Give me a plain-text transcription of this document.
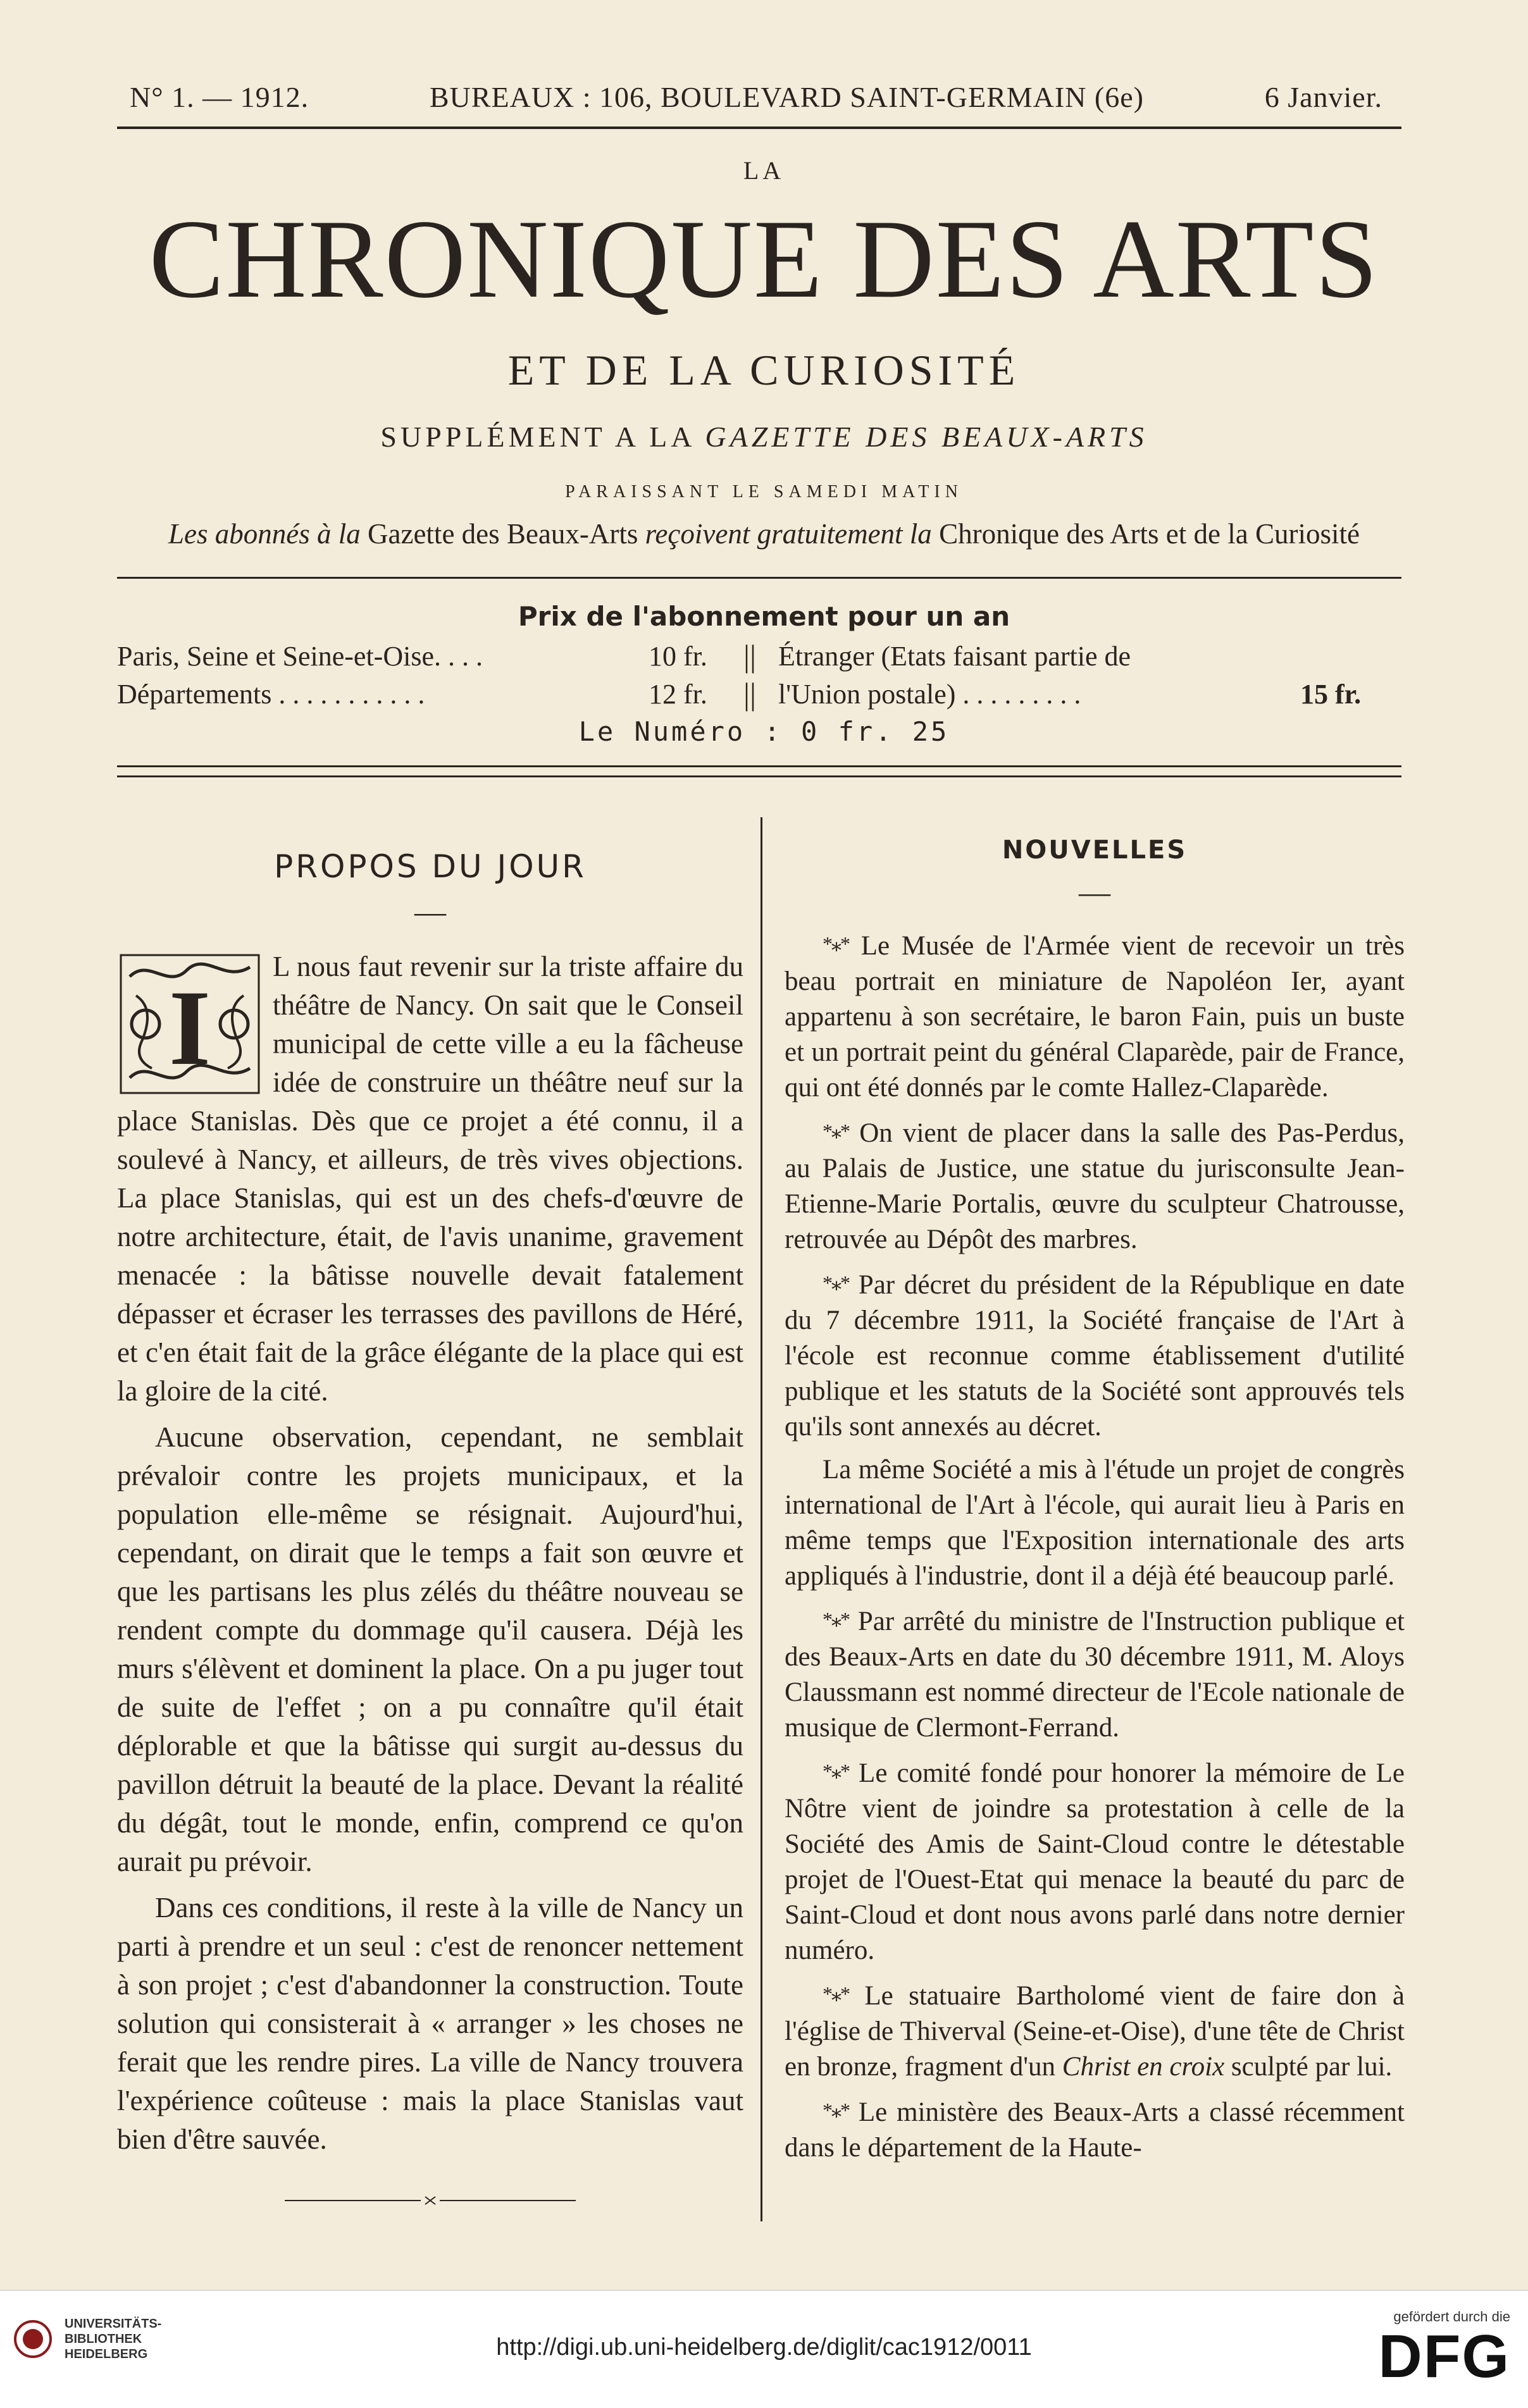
N° 1. — 1912.	BUREAUX : 106, BOULEVARD SAINT-GERMAIN (6e)	6 Janvier.
LA
CHRONIQUE DES ARTS
ET DE LA CURIOSITÉ
SUPPLÉMENT A LA GAZETTE DES BEAUX-ARTS
PARAISSANT LE SAMEDI MATIN
Les abonnés à la Gazette des Beaux-Arts reçoivent gratuitement la Chronique des Arts et de la Curiosité
Prix de l'abonnement pour un an
Paris, Seine et Seine-et-Oise. . . .	10 fr. || Étranger (Etats faisant partie de
Départements . . . . . . . . . . .	12 fr. || l'Union postale) . . . . . . . . .	15 fr.
Le Numéro : 0 fr. 25
PROPOS DU JOUR
—
I

L nous faut revenir sur la triste affaire du théâtre de Nancy. On sait que le Conseil municipal de cette ville a eu la fâcheuse idée de construire un théâtre neuf sur la place Stanislas. Dès que ce projet a été connu, il a soulevé à Nancy, et ailleurs, de très vives objections. La place Stanislas, qui est un des chefs-d'œuvre de notre architecture, était, de l'avis unanime, gravement menacée : la bâtisse nouvelle devait fatalement dépasser et écraser les terrasses des pavillons de Héré, et c'en était fait de la grâce élégante de la place qui est la gloire de la cité.

Aucune observation, cependant, ne semblait prévaloir contre les projets municipaux, et la population elle-même se résignait. Aujourd'hui, cependant, on dirait que le temps a fait son œuvre et que les partisans les plus zélés du théâtre nouveau se rendent compte du dommage qu'il causera. Déjà les murs s'élèvent et dominent la place. On a pu juger tout de suite de l'effet ; on a pu connaître qu'il était déplorable et que la bâtisse qui surgit au-dessus du pavillon détruit la beauté de la place. Devant la réalité du dégât, tout le monde, enfin, comprend ce qu'on aurait pu prévoir.

Dans ces conditions, il reste à la ville de Nancy un parti à prendre et un seul : c'est de renoncer nettement à son projet ; c'est d'abandonner la construction. Toute solution qui consisterait à « arranger » les choses ne ferait que les rendre pires. La ville de Nancy trouvera l'expérience coûteuse : mais la place Stanislas vaut bien d'être sauvée.

NOUVELLES
—

*⁎* Le Musée de l'Armée vient de recevoir un très beau portrait en miniature de Napoléon Ier, ayant appartenu à son secrétaire, le baron Fain, puis un buste et un portrait peint du général Claparède, pair de France, qui ont été donnés par le comte Hallez-Claparède.

*⁎* On vient de placer dans la salle des Pas-Perdus, au Palais de Justice, une statue du jurisconsulte Jean-Etienne-Marie Portalis, œuvre du sculpteur Chatrousse, retrouvée au Dépôt des marbres.

*⁎* Par décret du président de la République en date du 7 décembre 1911, la Société française de l'Art à l'école est reconnue comme établissement d'utilité publique et les statuts de la Société sont approuvés tels qu'ils sont annexés au décret.

La même Société a mis à l'étude un projet de congrès international de l'Art à l'école, qui aurait lieu à Paris en même temps que l'Exposition internationale des arts appliqués à l'industrie, dont il a déjà été beaucoup parlé.

*⁎* Par arrêté du ministre de l'Instruction publique et des Beaux-Arts en date du 30 décembre 1911, M. Aloys Claussmann est nommé directeur de l'Ecole nationale de musique de Clermont-Ferrand.

*⁎* Le comité fondé pour honorer la mémoire de Le Nôtre vient de joindre sa protestation à celle de la Société des Amis de Saint-Cloud contre le détestable projet de l'Ouest-Etat qui menace la beauté du parc de Saint-Cloud et dont nous avons parlé dans notre dernier numéro.

*⁎* Le statuaire Bartholomé vient de faire don à l'église de Thiverval (Seine-et-Oise), d'une tête de Christ en bronze, fragment d'un Christ en croix sculpté par lui.

*⁎* Le ministère des Beaux-Arts a classé récemment dans le département de la Haute-

UNIVERSITÄTS-
BIBLIOTHEK
HEIDELBERG	http://digi.ub.uni-heidelberg.de/diglit/cac1912/0011
gefördert durch die
DFG
